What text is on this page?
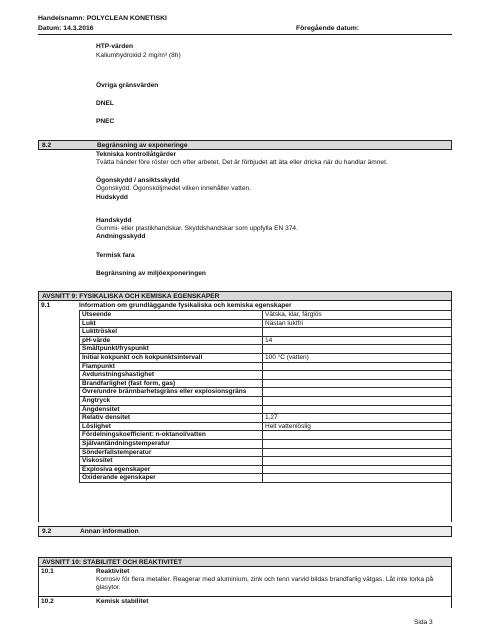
Handelsnamn: POLYCLEAN KONETISKI
Datum: 14.3.2016	Föregående datum:
HTP-värden
Kaliumhydroxid 2 mg/m³ (8h)
Övriga gränsvärden
DNEL
PNEC
8.2	Begränsning av exponeringe
Tekniska kontrollåtgärder
Tvätta händer före röster och efter arbetet. Det är förbjudet att äta eller dricka när du handlar ämnet.
Ögonskydd / ansiktsskydd
Ögonskydd. Ögonsköljmedel vilken innehåller vatten.
Hudskydd
Handskydd
Gummi- eller plastikhandskar. Skyddshandskar som uppfylla EN 374.
Andningsskydd
Termisk fara
Begränsning av miljöexponeringen
AVSNITT 9: FYSIKALISKA OCH KEMISKA EGENSKAPER
9.1	Information om grundläggande fysikaliska och kemiska egenskaper
Utseende	Vätska, klar, färglös
Lukt	Nästan luktfri
Lukttröskel	
pH-värde	14
Smältpunkt/fryspunkt	
Initial kokpunkt och kokpunktsintervall	100 °C (vatten)
Flampunkt	
Avdunstningshastighet	
Brandfarlighet (fast form, gas)	
Övre/undre brännbarhetsgräns eller explosionsgräns	
Ångtryck	
Ångdensitet	
Relativ densitet	1,27
Löslighet	Helt vattenlöslig
Fördelningskoefficient: n-oktanol/vatten	
Självantändningstemperatur	
Sönderfallstemperatur	
Viskositet	
Explosiva egenskaper	
Oxiderande egenskaper	
9.2	Annan information
AVSNITT 10: STABILITET OCH REAKTIVITET
10.1	Reaktivitet
Korrosiv för flera metaller. Reagerar med aluminium, zink och tenn varvid bildas brandfarlig vätgas. Låt inte torka på glasytor.
10.2	Kemisk stabilitet
Sida 3
